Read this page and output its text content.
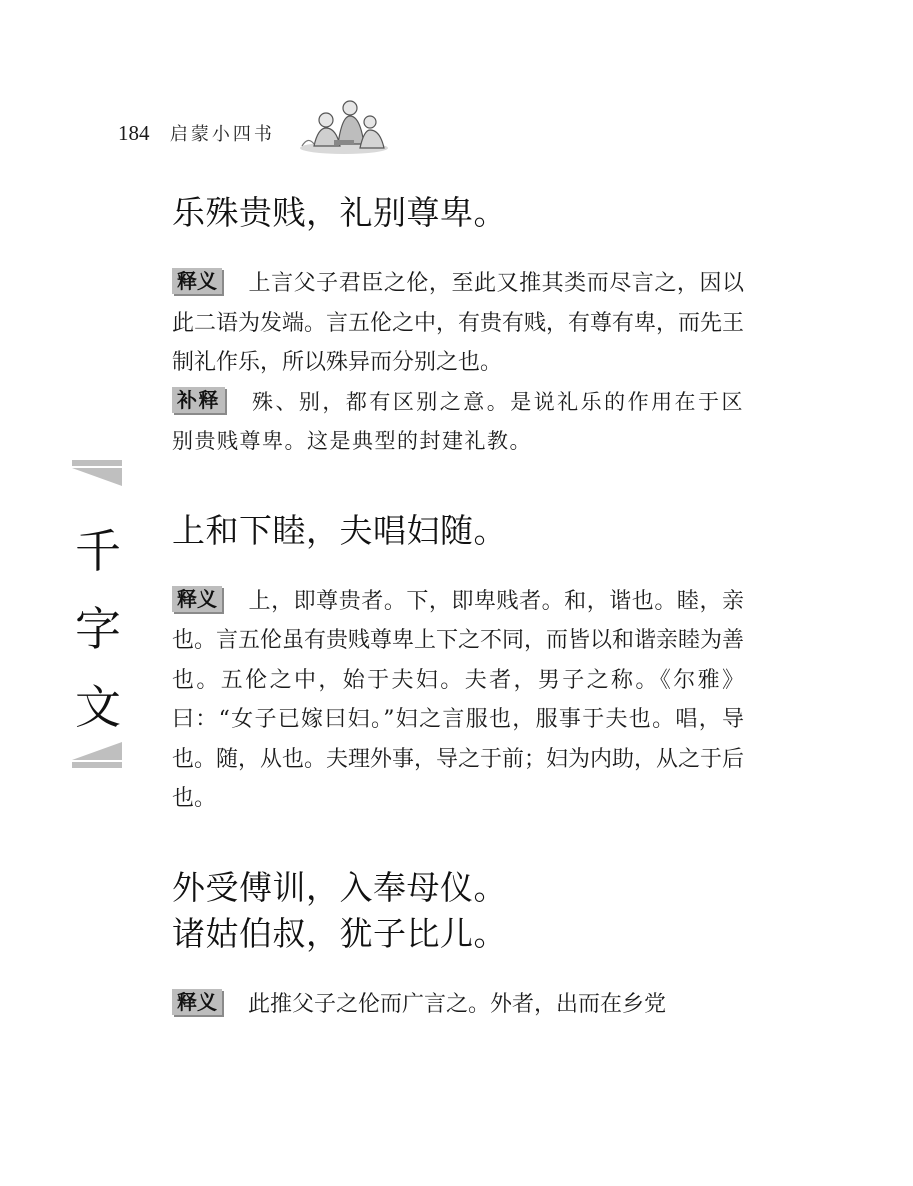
184 启蒙小四书
千
字
文

乐殊贵贱，礼别尊卑。

释义 上言父子君臣之伦，至此又推其类而尽言之，因以此二语为发端。言五伦之中，有贵有贱，有尊有卑，而先王制礼作乐，所以殊异而分别之也。

补释 殊、别，都有区别之意。是说礼乐的作用在于区别贵贱尊卑。这是典型的封建礼教。

上和下睦，夫唱妇随。

释义 上，即尊贵者。下，即卑贱者。和，谐也。睦，亲也。言五伦虽有贵贱尊卑上下之不同，而皆以和谐亲睦为善也。五伦之中，始于夫妇。夫者，男子之称。《尔雅》曰：“女子已嫁曰妇。”妇之言服也，服事于夫也。唱，导也。随，从也。夫理外事，导之于前；妇为内助，从之于后也。

外受傅训，入奉母仪。

诸姑伯叔，犹子比儿。

释义 此推父子之伦而广言之。外者，出而在乡党
